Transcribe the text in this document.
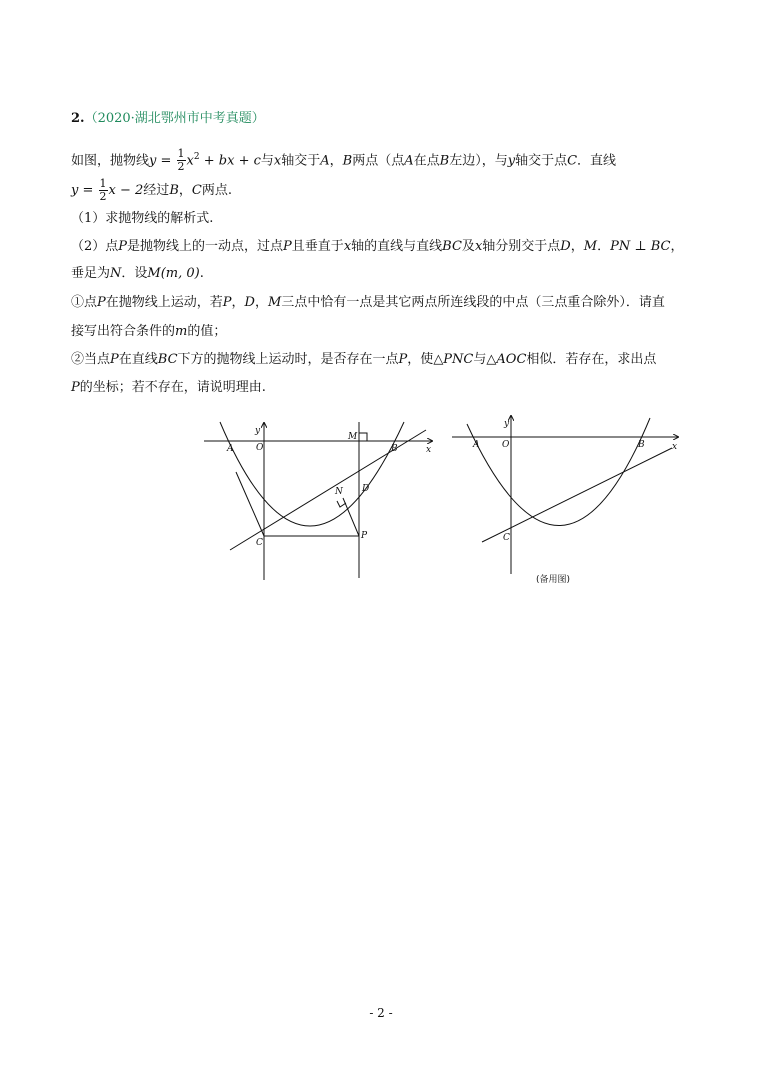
2.（2020·湖北鄂州市中考真题）
如图，抛物线$y = \frac{1}{2} x^2$ + bx + c与x轴交于A，B两点（点A在点B左边），与y轴交于点C．直线
$y = \frac{1}{2}$ x − 2经过B，C两点.
（1）求抛物线的解析式.
（2）点P是抛物线上的一动点，过点P且垂直于x轴的直线与直线BC及x轴分别交于点D，M．PN ⊥ BC，
垂足为N．设M(m, 0).
①点P在抛物线上运动，若P，D，M三点中恰有一点是其它两点所连线段的中点（三点重合除外）．请直
接写出符合条件的m的值；
②当点P在直线BC下方的抛物线上运动时，是否存在一点P，使△PNC与△AOC相似．若存在，求出点
P的坐标；若不存在，请说明理由.
y
x
O
A	B
C
D
M
N
P
y
x
O
A	B
C
(备用图)
- 2 -
